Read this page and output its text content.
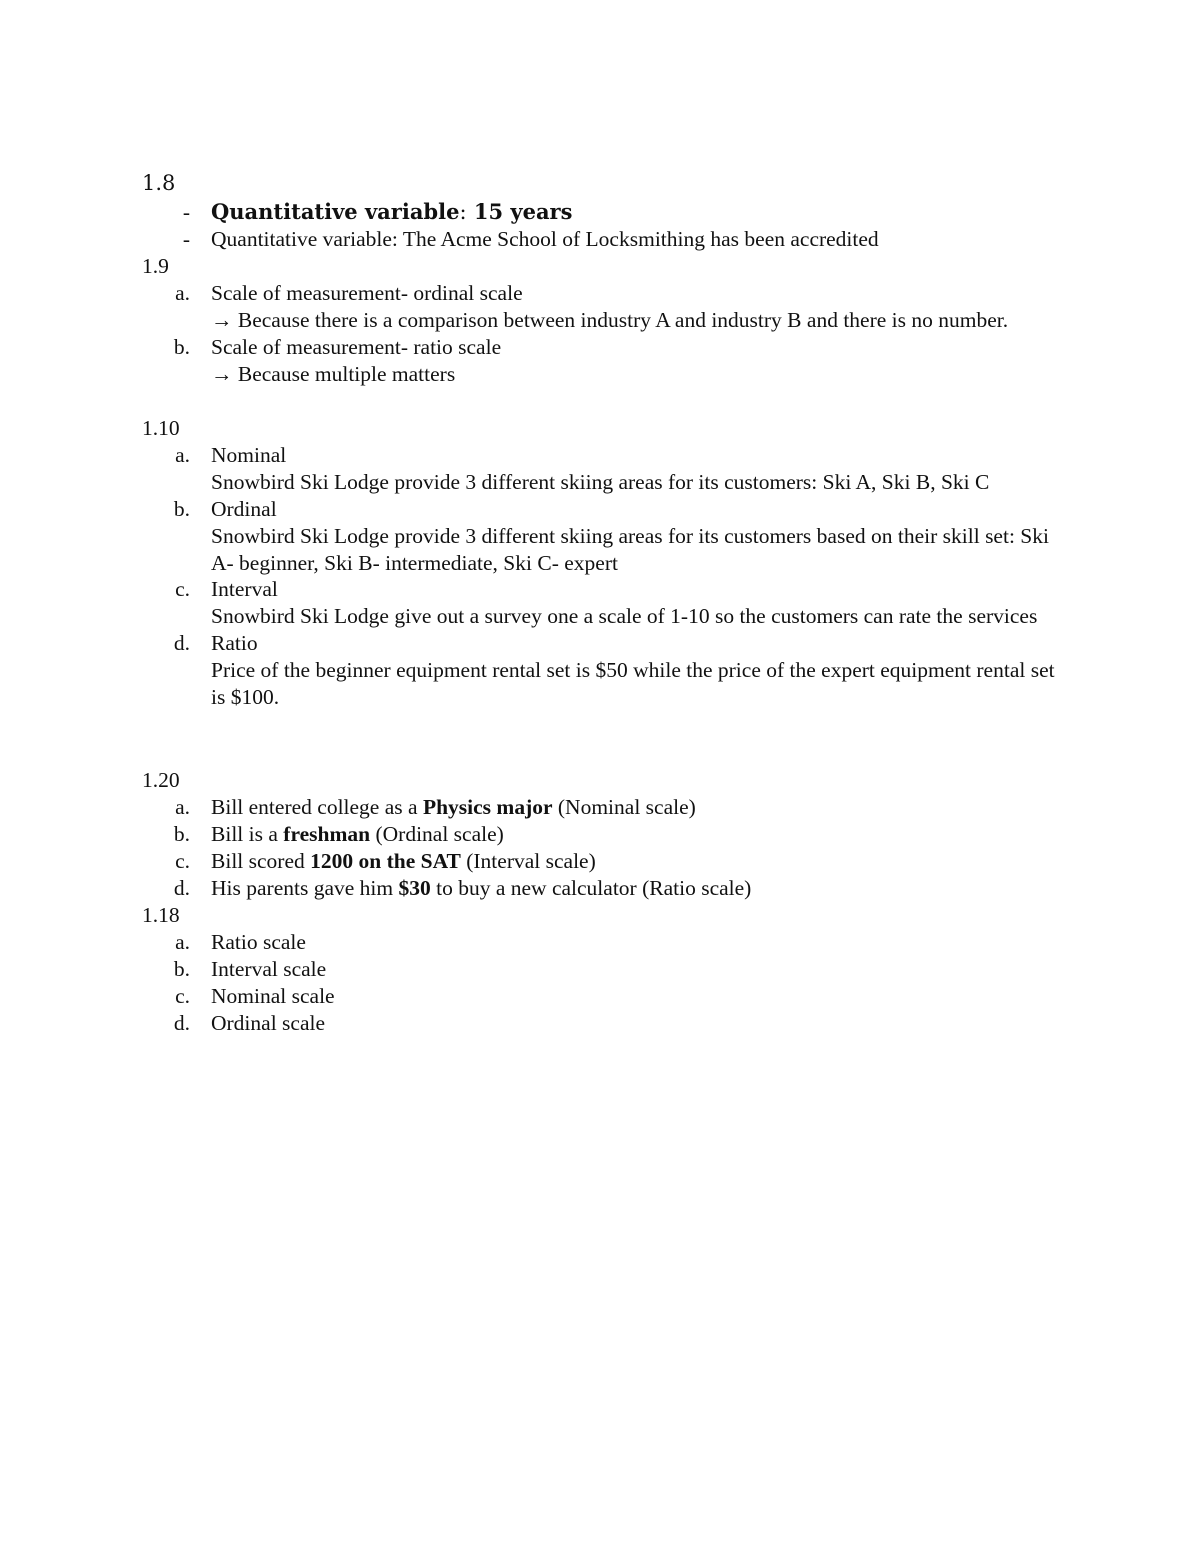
1.8
-	Quantitative variable: 15 years
- Quantitative variable: The Acme School of Locksmithing has been accredited
1.9
a. Scale of measurement- ordinal scale
→ Because there is a comparison between industry A and industry B and there is no number.
b. Scale of measurement- ratio scale
→ Because multiple matters
1.10
a. Nominal
Snowbird Ski Lodge provide 3 different skiing areas for its customers: Ski A, Ski B, Ski C
b. Ordinal
Snowbird Ski Lodge provide 3 different skiing areas for its customers based on their skill set: Ski A- beginner, Ski B- intermediate, Ski C- expert
c. Interval
Snowbird Ski Lodge give out a survey one a scale of 1-10 so the customers can rate the services
d. Ratio
Price of the beginner equipment rental set is $50 while the price of the expert equipment rental set is $100.
1.20
a. Bill entered college as a Physics major (Nominal scale)
b. Bill is a freshman (Ordinal scale)
c. Bill scored 1200 on the SAT (Interval scale)
d. His parents gave him $30 to buy a new calculator (Ratio scale)
1.18
a. Ratio scale
b. Interval scale
c. Nominal scale
d. Ordinal scale
